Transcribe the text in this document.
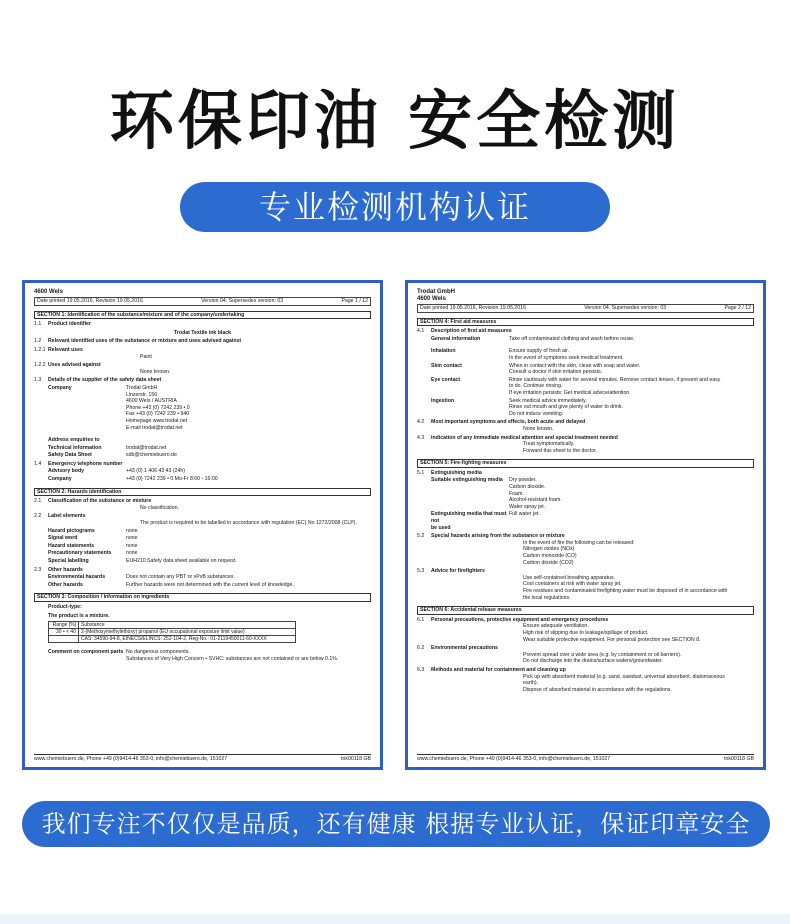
环保印油 安全检测
专业检测机构认证
4600 Wels
Date printed 19.05.2016, Revision 19.05.2016	Version 04. Supersedes version: 03	Page 1 / 12
SECTION 1: Identification of the substance/mixture and of the company/undertaking
1.1	Product identifier
Trodat Textile ink black
1.2	Relevant identified uses of the substance or mixture and uses advised against
1.2.1 Relevant uses
Paint
1.2.2 Uses advised against
None known.
1.3	Details of the supplier of the safety data sheet
Company	Trodat GmbH
Linzerstr. 156
4600 Wels / AUSTRIA
Phone +43 (0) 7242 239 • 0
Fax +43 (0) 7242 239 • 940
Homepage www.trodat.net
E-mail trodat@trodat.net
Address enquiries to
Technical information	trodat@trodat.net
Safety Data Sheet	sdb@chemiebuero.de
1.4	Emergency telephone number
Advisory body	+43 (0) 1 406 43 43 (24h)
Company	+43 (0) 7242 239 • 0 Mo-Fr 8:00 - 16:00
SECTION 2: Hazards identification
2.1	Classification of the substance or mixture
No classification.
2.2	Label elements
The product is required to be labelled in accordance with regulation (EC) No 1272/2008 (CLP).
Hazard pictograms	none
Signal word	none
Hazard statements	none
Precautionary statements	none
Special labelling	EUH210 Safety data sheet available on request.
2.3	Other hazards
Environmental hazards	Does not contain any PBT or vPvB substances.
Other hazards	Further hazards were not determined with the current level of knowledge.
SECTION 3: Composition / information on ingredients
Product-type:
The product is a mixture.
Range [%]	Substance
30 • < 40	2-(Methoxymethylethoxy) propanol (EU occupational exposure limit value)
	CAS: 34590-94-8, EINECS/ELINCS: 252-104-2, Reg-No.: 01-2119450011-60-XXXX
Comment on component parts No dangerous components.
Substances of Very High Concern • SVHC: substances are not contained or are below 0.1%.
www.chemiebuero.de, Phone +49 (0)9414-46 353-0, info@chemiebuero.de, 151027	tnk00118 GB
Trodat GmbH
4600 Wels
Date printed 19.05.2016, Revision 19.05.2016	Version 04. Supersedes version: 03	Page 2 / 12
SECTION 4: First aid measures
4.1	Description of first aid measures
General information	Take off contaminated clothing and wash before reuse.
Inhalation	Ensure supply of fresh air.
In the event of symptoms seek medical treatment.
Skin contact	When in contact with the skin, clean with soap and water.
Consult a doctor if skin irritation persists.
Eye contact	Rinse cautiously with water for several minutes. Remove contact lenses, if present and easy
to do. Continue rinsing.
If eye irritation persists: Get medical advice/attention.
Ingestion	Seek medical advice immediately.
Rinse out mouth and give plenty of water to drink.
Do not induce vomiting.
4.2	Most important symptoms and effects, both acute and delayed
None known.
4.3	Indication of any immediate medical attention and special treatment needed
Treat symptomatically.
Forward this sheet to the doctor.
SECTION 5: Fire-fighting measures
5.1	Extinguishing media
Suitable extinguishing media	Dry powder.
Carbon dioxide.
Foam.
Alcohol-resistant foam.
Water spray jet.
Extinguishing media that must not
be used
Full water jet.
5.2	Special hazards arising from the substance or mixture
In the event of fire the following can be released:
Nitrogen oxides (NOx)
Carbon monoxide (CO)
Carbon dioxide (CO2)
5.3	Advice for firefighters
Use self-contained breathing apparatus.
Cool containers at risk with water spray jet.
Fire residues and contaminated firefighting water must be disposed of in accordance with
the local regulations.
SECTION 6: Accidental release measures
6.1	Personal precautions, protective equipment and emergency procedures
Ensure adequate ventilation.
High risk of slipping due to leakage/spillage of product.
Wear suitable protective equipment. For personal protection see SECTION 8.
6.2	Environmental precautions
Prevent spread over a wide area (e.g. by containment or oil barriers).
Do not discharge into the drains/surface waters/groundwater.
6.3	Methods and material for containment and cleaning up
Pick up with absorbent material (e.g. sand, sawdust, universal absorbent, diatomaceous
earth).
Dispose of absorbed material in accordance with the regulations.
www.chemiebuero.de, Phone +49 (0)9414-46 353-0, info@chemiebuero.de, 151027	tnk00118 GB
我们专注不仅仅是品质，还有健康 根据专业认证，保证印章安全
